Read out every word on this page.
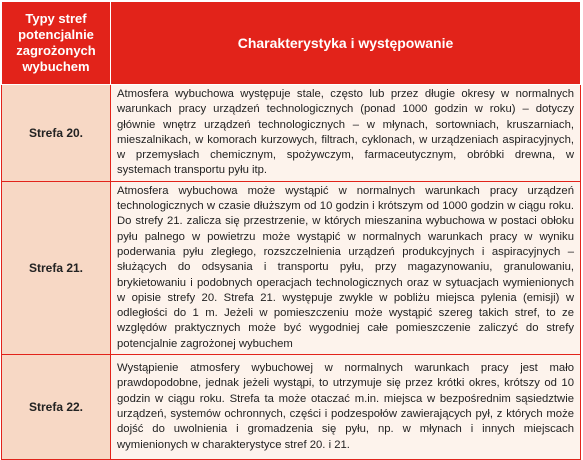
Typy stref potencjalnie zagrożonych wybuchem	Charakterystyka i występowanie
Strefa 20.	Atmosfera wybuchowa występuje stale, często lub przez długie okresy w normalnych warunkach pracy urządzeń technologicznych (ponad 1000 godzin w roku) – dotyczy głównie wnętrz urządzeń technologicznych – w młynach, sortowniach, kruszarniach, mieszalnikach, w komorach kurzowych, filtrach, cyklonach, w urządzeniach aspiracyjnych, w przemysłach chemicznym, spożywczym, farmaceutycznym, obróbki drewna, w systemach transportu pyłu itp.
Strefa 21.	Atmosfera wybuchowa może wystąpić w normalnych warunkach pracy urządzeń technologicznych w czasie dłuższym od 10 godzin i krótszym od 1000 godzin w ciągu roku. Do strefy 21. zalicza się przestrzenie, w których mieszanina wybuchowa w postaci obłoku pyłu palnego w powietrzu może wystąpić w normalnych warunkach pracy w wyniku poderwania pyłu zległego, rozszczelnienia urządzeń produkcyjnych i aspiracyjnych – służących do odsysania i transportu pyłu, przy magazynowaniu, granulowaniu, brykietowaniu i podobnych operacjach technologicznych oraz w sytuacjach wymienionych w opisie strefy 20. Strefa 21. występuje zwykle w pobliżu miejsca pylenia (emisji) w odległości do 1 m. Jeżeli w pomieszczeniu może wystąpić szereg takich stref, to ze względów praktycznych może być wygodniej całe pomieszczenie zaliczyć do strefy potencjalnie zagrożonej wybuchem
Strefa 22.	Wystąpienie atmosfery wybuchowej w normalnych warunkach pracy jest mało prawdopodobne, jednak jeżeli wystąpi, to utrzymuje się przez krótki okres, krótszy od 10 godzin w ciągu roku. Strefa ta może otaczać m.in. miejsca w bezpośrednim sąsiedztwie urządzeń, systemów ochronnych, części i podzespołów zawierających pył, z których może dojść do uwolnienia i gromadzenia się pyłu, np. w młynach i innych miejscach wymienionych w charakterystyce stref 20. i 21.
